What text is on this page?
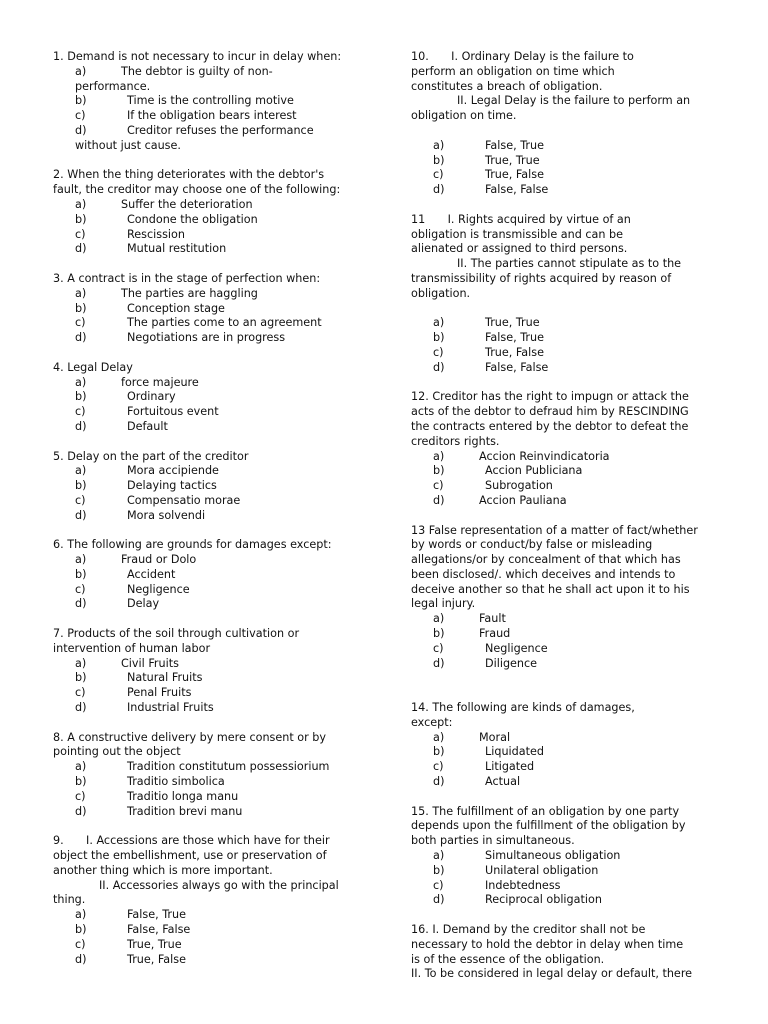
1. Demand is not necessary to incur in delay when:
a)	The debtor is guilty of non-
performance.
b)	Time is the controlling motive
c)	If the obligation bears interest
d)	Creditor refuses the performance
without just cause.
2. When the thing deteriorates with the debtor's
fault, the creditor may choose one of the following:
a)	Suffer the deterioration
b)	Condone the obligation
c)	Rescission
d)	Mutual restitution
3. A contract is in the stage of perfection when:
a)	The parties are haggling
b)	Conception stage
c)	The parties come to an agreement
d)	Negotiations are in progress
4. Legal Delay
a)	force majeure
b)	Ordinary
c)	Fortuitous event
d)	Default
5. Delay on the part of the creditor
a)	Mora accipiende
b)	Delaying tactics
c)	Compensatio morae
d)	Mora solvendi
6. The following are grounds for damages except:
a)	Fraud or Dolo
b)	Accident
c)	Negligence
d)	Delay
7. Products of the soil through cultivation or
intervention of human labor
a)	Civil Fruits
b)	Natural Fruits
c)	Penal Fruits
d)	Industrial Fruits
8. A constructive delivery by mere consent or by
pointing out the object
a)	Tradition constitutum possessiorium
b)	Traditio simbolica
c)	Traditio longa manu
d)	Tradition brevi manu
9.  I. Accessions are those which have for their
object the embellishment, use or preservation of
another thing which is more important.
II. Accessories always go with the principal
thing.
a)	False, True
b)	False, False
c)	True, True
d)	True, False
10.  I. Ordinary Delay is the failure to
perform an obligation on time which
constitutes a breach of obligation.
II. Legal Delay is the failure to perform an
obligation on time.
a)	False, True
b)	True, True
c)	True, False
d)	False, False
11  I. Rights acquired by virtue of an
obligation is transmissible and can be
alienated or assigned to third persons.
II. The parties cannot stipulate as to the
transmissibility of rights acquired by reason of
obligation.
a)	True, True
b)	False, True
c)	True, False
d)	False, False
12. Creditor has the right to impugn or attack the
acts of the debtor to defraud him by RESCINDING
the contracts entered by the debtor to defeat the
creditors rights.
a)	Accion Reinvindicatoria
b)	Accion Publiciana
c)	Subrogation
d)	Accion Pauliana
13 False representation of a matter of fact/whether
by words or conduct/by false or misleading
allegations/or by concealment of that which has
been disclosed/. which deceives and intends to
deceive another so that he shall act upon it to his
legal injury.
a)	Fault
b)	Fraud
c)	Negligence
d)	Diligence
14. The following are kinds of damages,
except:
a)	Moral
b)	Liquidated
c)	Litigated
d)	Actual
15. The fulfillment of an obligation by one party
depends upon the fulfillment of the obligation by
both parties in simultaneous.
a)	Simultaneous obligation
b)	Unilateral obligation
c)	Indebtedness
d)	Reciprocal obligation
16. I. Demand by the creditor shall not be
necessary to hold the debtor in delay when time
is of the essence of the obligation.
II. To be considered in legal delay or default, there
